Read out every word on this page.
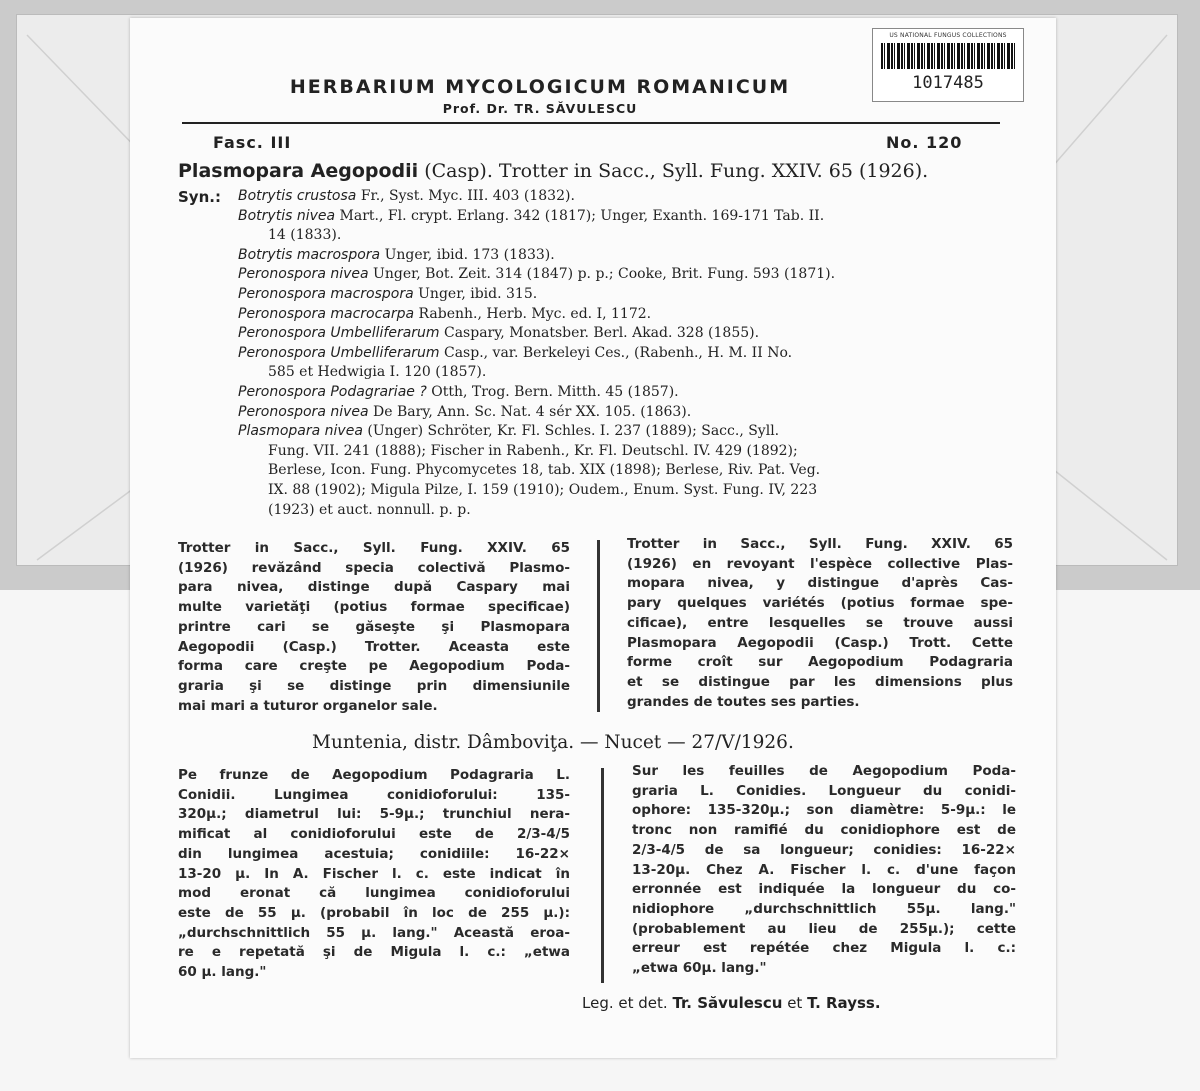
US NATIONAL FUNGUS COLLECTIONS
1017485
HERBARIUM MYCOLOGICUM ROMANICUM
Prof. Dr. TR. SĂVULESCU
Fasc. III	No. 120
Plasmopara Aegopodii (Casp). Trotter in Sacc., Syll. Fung. XXIV. 65 (1926).
Syn.: Botrytis crustosa Fr., Syst. Myc. III. 403 (1832).
Botrytis nivea Mart., Fl. crypt. Erlang. 342 (1817); Unger, Exanth. 169-171 Tab. II.
14 (1833).
Botrytis macrospora Unger, ibid. 173 (1833).
Peronospora nivea Unger, Bot. Zeit. 314 (1847) p. p.; Cooke, Brit. Fung. 593 (1871).
Peronospora macrospora Unger, ibid. 315.
Peronospora macrocarpa Rabenh., Herb. Myc. ed. I, 1172.
Peronospora Umbelliferarum Caspary, Monatsber. Berl. Akad. 328 (1855).
Peronospora Umbelliferarum Casp., var. Berkeleyi Ces., (Rabenh., H. M. II No.
585 et Hedwigia I. 120 (1857).
Peronospora Podagrariae ? Otth, Trog. Bern. Mitth. 45 (1857).
Peronospora nivea De Bary, Ann. Sc. Nat. 4 sér XX. 105. (1863).
Plasmopara nivea (Unger) Schröter, Kr. Fl. Schles. I. 237 (1889); Sacc., Syll.
Fung. VII. 241 (1888); Fischer in Rabenh., Kr. Fl. Deutschl. IV. 429 (1892);
Berlese, Icon. Fung. Phycomycetes 18, tab. XIX (1898); Berlese, Riv. Pat. Veg.
IX. 88 (1902); Migula Pilze, I. 159 (1910); Oudem., Enum. Syst. Fung. IV, 223
(1923) et auct. nonnull. p. p.
Trotter in Sacc., Syll. Fung. XXIV. 65
(1926) revăzând specia colectivă Plasmo-
para nivea, distinge după Caspary mai
multe varietăţi (potius formae specificae)
printre cari se găseşte şi Plasmopara
Aegopodii (Casp.) Trotter. Aceasta este
forma care creşte pe Aegopodium Poda-
graria şi se distinge prin dimensiunile
mai mari a tuturor organelor sale.
Trotter in Sacc., Syll. Fung. XXIV. 65
(1926) en revoyant l'espèce collective Plas-
mopara nivea, y distingue d'après Cas-
pary quelques variétés (potius formae spe-
cificae), entre lesquelles se trouve aussi
Plasmopara Aegopodii (Casp.) Trott. Cette
forme croît sur Aegopodium Podagraria
et se distingue par les dimensions plus
grandes de toutes ses parties.
Muntenia, distr. Dâmboviţa. — Nucet — 27/V/1926.
Pe frunze de Aegopodium Podagraria L.
Conidii. Lungimea conidioforului: 135-
320μ.; diametrul lui: 5-9μ.; trunchiul nera-
mificat al conidioforului este de 2/3-4/5
din lungimea acestuia; conidiile: 16-22×
13-20 μ. In A. Fischer l. c. este indicat în
mod eronat că lungimea conidioforului
este de 55 μ. (probabil în loc de 255 μ.):
„durchschnittlich 55 μ. lang." Această eroa-
re e repetată şi de Migula l. c.: „etwa
60 μ. lang."
Sur les feuilles de Aegopodium Poda-
graria L. Conidies. Longueur du conidi-
ophore: 135-320μ.; son diamètre: 5-9μ.: le
tronc non ramifié du conidiophore est de
2/3-4/5 de sa longueur; conidies: 16-22×
13-20μ. Chez A. Fischer l. c. d'une façon
erronnée est indiquée la longueur du co-
nidiophore „durchschnittlich 55μ. lang."
(probablement au lieu de 255μ.); cette
erreur est repétée chez Migula l. c.:
„etwa 60μ. lang."
Leg. et det. Tr. Săvulescu et T. Rayss.
